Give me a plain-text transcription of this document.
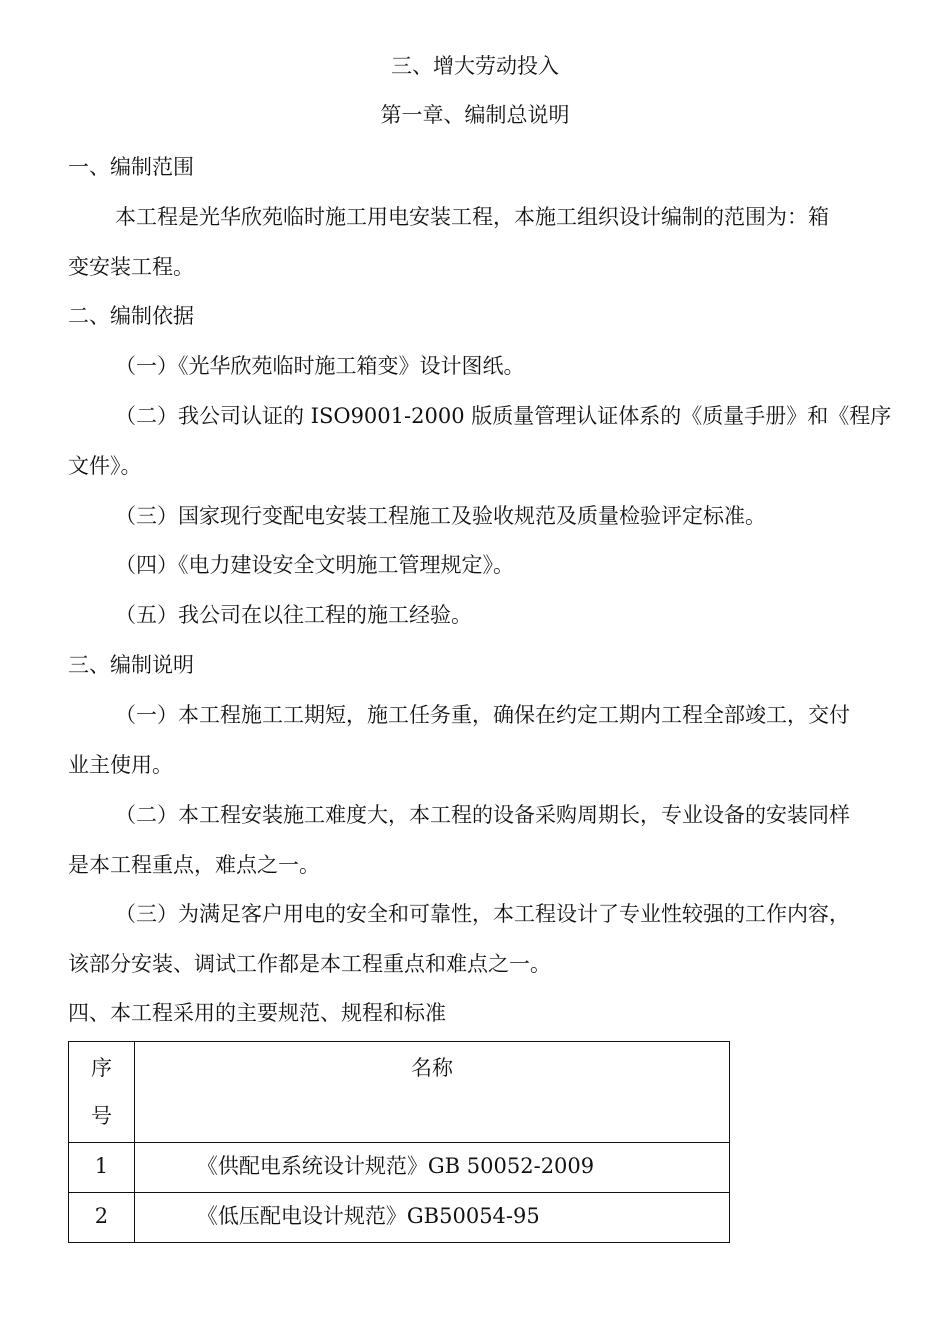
三、增大劳动投入
第一章、编制总说明
一、编制范围
本工程是光华欣苑临时施工用电安装工程，本施工组织设计编制的范围为：箱
变安装工程。
二、编制依据
（一）《光华欣苑临时施工箱变》设计图纸。
（二）我公司认证的 ISO9001-2000 版质量管理认证体系的《质量手册》和《程序
文件》。
（三）国家现行变配电安装工程施工及验收规范及质量检验评定标准。
（四）《电力建设安全文明施工管理规定》。
（五）我公司在以往工程的施工经验。
三、编制说明
（一）本工程施工工期短，施工任务重，确保在约定工期内工程全部竣工，交付
业主使用。
（二）本工程安装施工难度大，本工程的设备采购周期长，专业设备的安装同样
是本工程重点，难点之一。
（三）为满足客户用电的安全和可靠性，本工程设计了专业性较强的工作内容，
该部分安装、调试工作都是本工程重点和难点之一。
四、本工程采用的主要规范、规程和标准
序
号	名称

1	《供配电系统设计规范》GB 50052-2009

2	《低压配电设计规范》GB50054-95
